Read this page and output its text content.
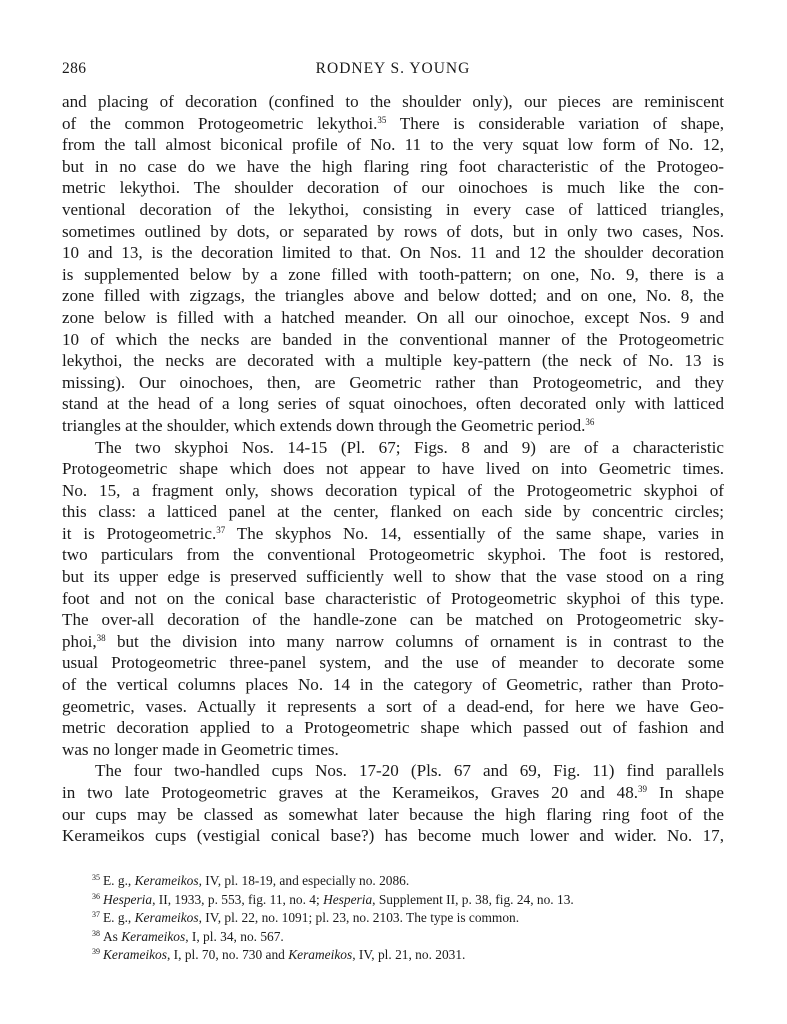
286	RODNEY S. YOUNG

and placing of decoration (confined to the shoulder only), our pieces are reminiscent
of the common Protogeometric lekythoi.$^{35}$ There is considerable variation of shape,
from the tall almost biconical profile of No. 11 to the very squat low form of No. 12,
but in no case do we have the high flaring ring foot characteristic of the Protogeo-
metric lekythoi. The shoulder decoration of our oinochoes is much like the con-
ventional decoration of the lekythoi, consisting in every case of latticed triangles,
sometimes outlined by dots, or separated by rows of dots, but in only two cases, Nos.
10 and 13, is the decoration limited to that. On Nos. 11 and 12 the shoulder decoration
is supplemented below by a zone filled with tooth-pattern; on one, No. 9, there is a
zone filled with zigzags, the triangles above and below dotted; and on one, No. 8, the
zone below is filled with a hatched meander. On all our oinochoe, except Nos. 9 and
10 of which the necks are banded in the conventional manner of the Protogeometric
lekythoi, the necks are decorated with a multiple key-pattern (the neck of No. 13 is
missing). Our oinochoes, then, are Geometric rather than Protogeometric, and they
stand at the head of a long series of squat oinochoes, often decorated only with latticed
triangles at the shoulder, which extends down through the Geometric period.$^{36}$

The two skyphoi Nos. 14-15 (Pl. 67; Figs. 8 and 9) are of a characteristic
Protogeometric shape which does not appear to have lived on into Geometric times.
No. 15, a fragment only, shows decoration typical of the Protogeometric skyphoi of
this class: a latticed panel at the center, flanked on each side by concentric circles;
it is Protogeometric.$^{37}$ The skyphos No. 14, essentially of the same shape, varies in
two particulars from the conventional Protogeometric skyphoi. The foot is restored,
but its upper edge is preserved sufficiently well to show that the vase stood on a ring
foot and not on the conical base characteristic of Protogeometric skyphoi of this type.
The over-all decoration of the handle-zone can be matched on Protogeometric sky-
phoi,$^{38}$ but the division into many narrow columns of ornament is in contrast to the
usual Protogeometric three-panel system, and the use of meander to decorate some
of the vertical columns places No. 14 in the category of Geometric, rather than Proto-
geometric, vases. Actually it represents a sort of a dead-end, for here we have Geo-
metric decoration applied to a Protogeometric shape which passed out of fashion and
was no longer made in Geometric times.

The four two-handled cups Nos. 17-20 (Pls. 67 and 69, Fig. 11) find parallels
in two late Protogeometric graves at the Kerameikos, Graves 20 and 48.39 In shape
our cups may be classed as somewhat later because the high flaring ring foot of the
Kerameikos cups (vestigial conical base?) has become much lower and wider. No. 17,

$^{35}$ E. g., Kerameikos, IV, pl. 18-19, and especially no. 2086.
$^{36}$ Hesperia, II, 1933, p. 553, fig. 11, no. 4; Hesperia, Supplement II, p. 38, fig. 24, no. 13.
$^{37}$ E. g., Kerameikos, IV, pl. 22, no. 1091; pl. 23, no. 2103. The type is common.
$^{38}$ As Kerameikos, I, pl. 34, no. 567.
$^{39}$ Kerameikos, I, pl. 70, no. 730 and Kerameikos, IV, pl. 21, no. 2031.
